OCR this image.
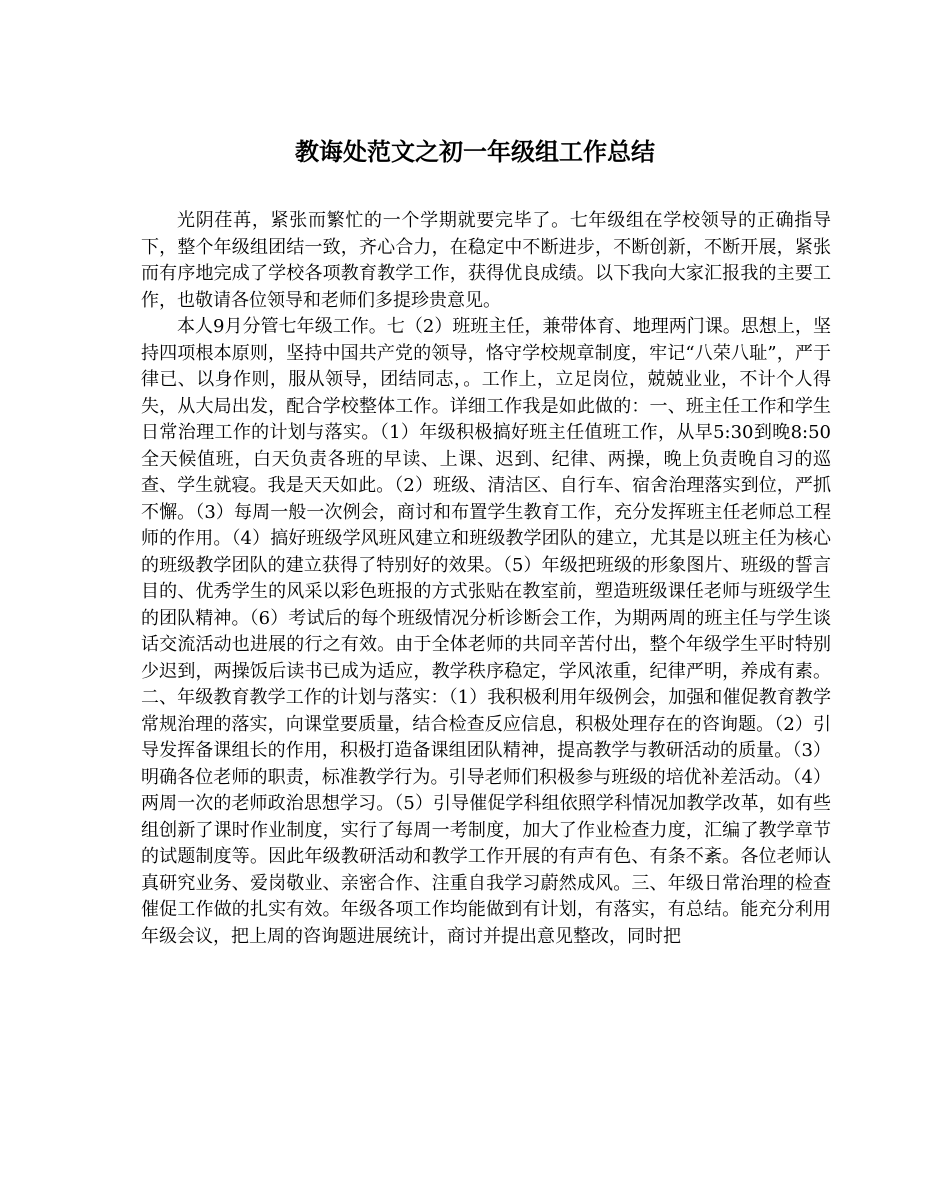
教诲处范文之初一年级组工作总结

光阴荏苒，紧张而繁忙的一个学期就要完毕了。七年级组在学校领导的正确指导下，整个年级组团结一致，齐心合力，在稳定中不断进步，不断创新，不断开展，紧张而有序地完成了学校各项教育教学工作，获得优良成绩。以下我向大家汇报我的主要工作，也敬请各位领导和老师们多提珍贵意见。

本人9月分管七年级工作。七（2）班班主任，兼带体育、地理两门课。思想上，坚持四项根本原则，坚持中国共产党的领导，恪守学校规章制度，牢记“八荣八耻”，严于律已、以身作则，服从领导，团结同志，。工作上，立足岗位，兢兢业业，不计个人得失，从大局出发，配合学校整体工作。详细工作我是如此做的：一、班主任工作和学生日常治理工作的计划与落实。（1）年级积极搞好班主任值班工作，从早5:30到晚8:50全天候值班，白天负责各班的早读、上课、迟到、纪律、两操，晚上负责晚自习的巡查、学生就寝。我是天天如此。（2）班级、清洁区、自行车、宿舍治理落实到位，严抓不懈。（3）每周一般一次例会，商讨和布置学生教育工作，充分发挥班主任老师总工程师的作用。（4）搞好班级学风班风建立和班级教学团队的建立，尤其是以班主任为核心的班级教学团队的建立获得了特别好的效果。（5）年级把班级的形象图片、班级的誓言目的、优秀学生的风采以彩色班报的方式张贴在教室前，塑造班级课任老师与班级学生的团队精神。（6）考试后的每个班级情况分析诊断会工作，为期两周的班主任与学生谈话交流活动也进展的行之有效。由于全体老师的共同辛苦付出，整个年级学生平时特别少迟到，两操饭后读书已成为适应，教学秩序稳定，学风浓重，纪律严明，养成有素。二、年级教育教学工作的计划与落实：（1）我积极利用年级例会，加强和催促教育教学常规治理的落实，向课堂要质量，结合检查反应信息，积极处理存在的咨询题。（2）引导发挥备课组长的作用，积极打造备课组团队精神，提高教学与教研活动的质量。（3）明确各位老师的职责，标准教学行为。引导老师们积极参与班级的培优补差活动。（4）两周一次的老师政治思想学习。（5）引导催促学科组依照学科情况加教学改革，如有些组创新了课时作业制度，实行了每周一考制度，加大了作业检查力度，汇编了教学章节的试题制度等。因此年级教研活动和教学工作开展的有声有色、有条不紊。各位老师认真研究业务、爱岗敬业、亲密合作、注重自我学习蔚然成风。三、年级日常治理的检查催促工作做的扎实有效。年级各项工作均能做到有计划，有落实，有总结。能充分利用年级会议，把上周的咨询题进展统计，商讨并提出意见整改，同时把
